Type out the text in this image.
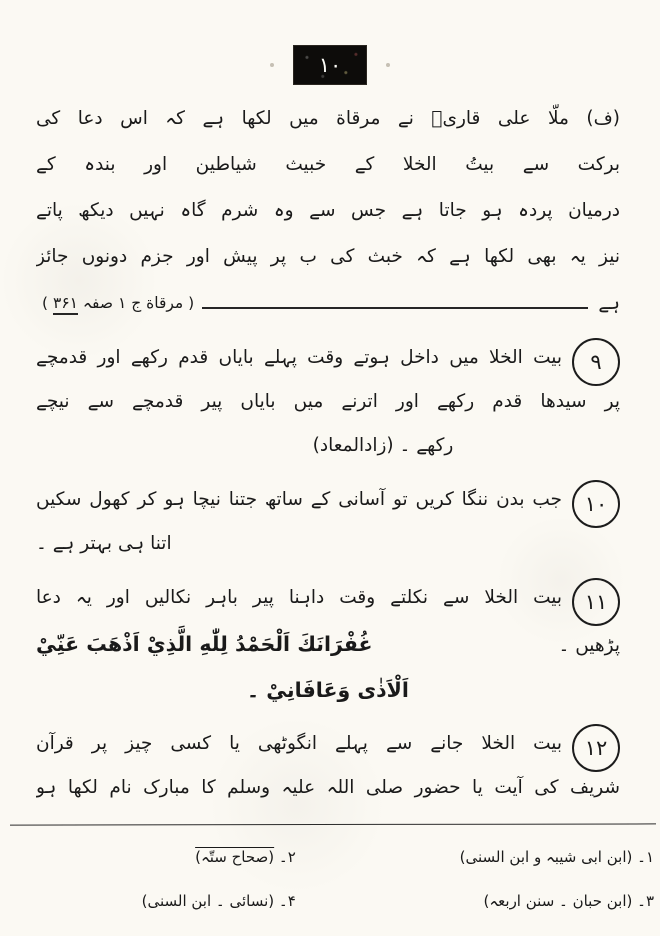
۱۰
(ف) ملّا علی قاریؒ نے مرقاة میں لکھا ہے کہ اس دعا کی
برکت سے بیتُ الخلا کے خبیث شیاطین اور بندہ کے
درمیان پردہ ہو جاتا ہے جس سے وہ شرم گاہ نہیں دیکھ پاتے
نیز یہ بھی لکھا ہے کہ خبث کی ب پر پیش اور جزم دونوں جائز
ہے
( مرقاة ج ۱ صفہ ۳۶۱ )
۹
بیت الخلا میں داخل ہوتے وقت پہلے بایاں قدم رکھے اور قدمچے
پر سیدھا قدم رکھے اور اترنے میں بایاں پیر قدمچے سے نیچے
رکھے ۔ (زادالمعاد)
۱۰
جب بدن ننگا کریں تو آسانی کے ساتھ جتنا نیچا ہو کر کھول سکیں
اتنا ہی بہتر ہے ۔
۱۱
بیت الخلا سے نکلتے وقت داہنا پیر باہر نکالیں اور یہ دعا
پڑھیں ۔
غُفْرَانَكَ اَلْحَمْدُ لِلّٰهِ الَّذِيْ اَذْهَبَ عَنِّيْ
اَلْاَذٰى وَعَافَانِيْ ۔
۱۲
بیت الخلا جانے سے پہلے انگوٹھی یا کسی چیز پر قرآن
شریف کی آیت یا حضور صلی اللہ علیہ وسلم کا مبارک نام لکھا ہو
۱۔ (ابن ابی شیبہ و ابن السنی)
۲۔ (صحاح ستّہ)
۳۔ (ابن حبان ۔ سنن اربعہ)
۴۔ (نسائی ۔ ابن السنی)
